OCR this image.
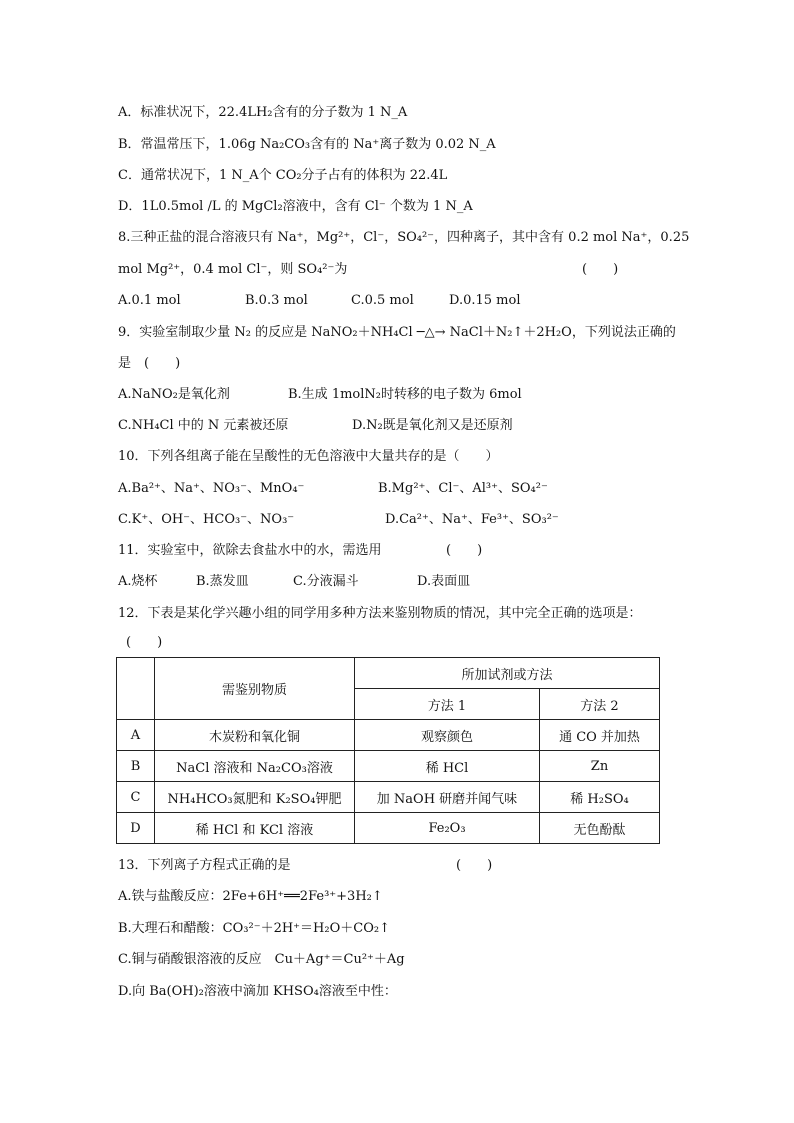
A．标准状况下，22.4LH₂含有的分子数为 1 N_A
B．常温常压下，1.06g Na₂CO₃含有的 Na⁺离子数为 0.02 N_A
C．通常状况下，1 N_A个 CO₂分子占有的体积为 22.4L
D．1L0.5mol /L 的 MgCl₂溶液中，含有 Cl⁻ 个数为 1 N_A
8.三种正盐的混合溶液只有 Na⁺，Mg²⁺，Cl⁻，SO₄²⁻，四种离子，其中含有 0.2 mol Na⁺，0.25
mol Mg²⁺，0.4 mol Cl⁻，则 SO₄²⁻为	(　　)
A.0.1 mol	B.0.3 mol	C.0.5 mol	D.0.15 mol
9．实验室制取少量 N₂ 的反应是 NaNO₂＋NH₄Cl ─△→ NaCl＋N₂↑＋2H₂O，下列说法正确的
是　(　　)
A.NaNO₂是氧化剂	B.生成 1molN₂时转移的电子数为 6mol
C.NH₄Cl 中的 N 元素被还原	D.N₂既是氧化剂又是还原剂
10．下列各组离子能在呈酸性的无色溶液中大量共存的是（　　）
A.Ba²⁺、Na⁺、NO₃⁻、MnO₄⁻	B.Mg²⁺、Cl⁻、Al³⁺、SO₄²⁻
C.K⁺、OH⁻、HCO₃⁻、NO₃⁻	D.Ca²⁺、Na⁺、Fe³⁺、SO₃²⁻
11．实验室中，欲除去食盐水中的水，需选用	(　　)
A.烧杯	B.蒸发皿	C.分液漏斗	D.表面皿
12．下表是某化学兴趣小组的同学用多种方法来鉴别物质的情况，其中完全正确的选项是：
(　　)
	需鉴别物质	所加试剂或方法	
		方法 1	方法 2
A	木炭粉和氧化铜	观察颜色	通 CO 并加热
B	NaCl 溶液和 Na₂CO₃溶液	稀 HCl	Zn
C	NH₄HCO₃氮肥和 K₂SO₄钾肥	加 NaOH 研磨并闻气味	稀 H₂SO₄
D	稀 HCl 和 KCl 溶液	Fe₂O₃	无色酚酞
13．下列离子方程式正确的是	(　　)
A.铁与盐酸反应：2Fe+6H⁺══2Fe³⁺+3H₂↑
B.大理石和醋酸：CO₃²⁻＋2H⁺＝H₂O＋CO₂↑
C.铜与硝酸银溶液的反应　Cu＋Ag⁺＝Cu²⁺＋Ag
D.向 Ba(OH)₂溶液中滴加 KHSO₄溶液至中性：
